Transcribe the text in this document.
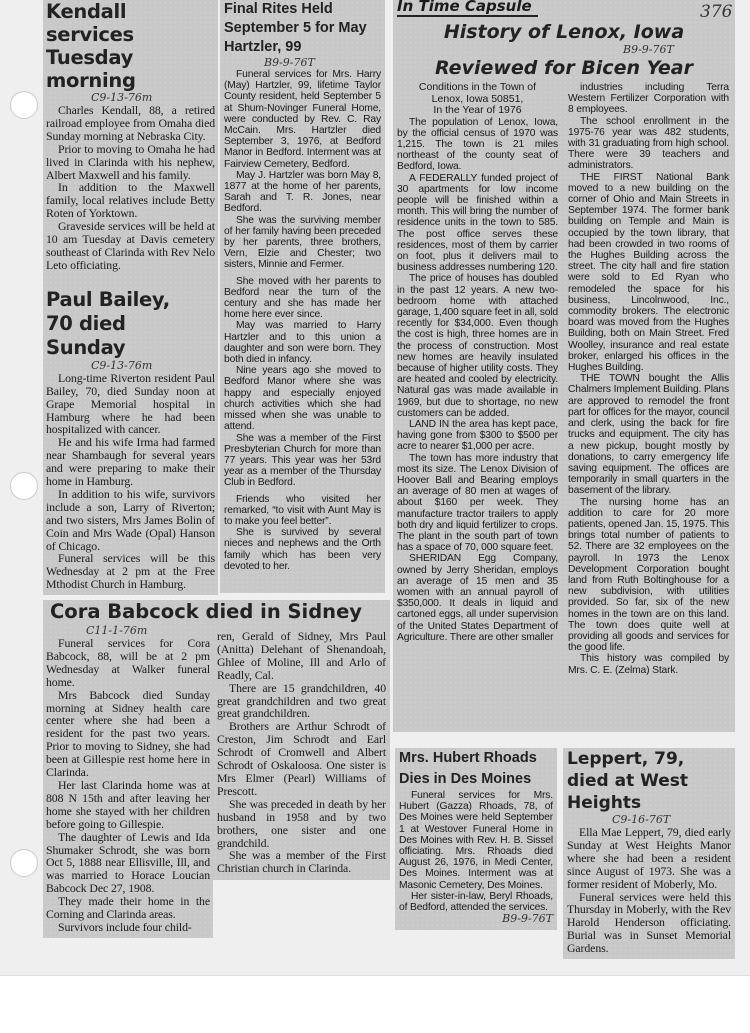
376
Kendall services Tuesday morning
C9-13-76m

Charles Kendall, 88, a retired railroad employee from Omaha died Sunday morning at Nebraska City.

Prior to moving to Omaha he had lived in Clarinda with his nephew, Albert Maxwell and his family.

In addition to the Maxwell family, local relatives include Betty Roten of Yorktown.

Graveside services will be held at 10 am Tuesday at Davis cemetery southeast of Clarinda with Rev Nelo Leto officiating.

Paul Bailey, 70 died Sunday
C9-13-76m

Long-time Riverton resident Paul Bailey, 70, died Sunday noon at Grape Memorial hospital in Hamburg where he had been hospitalized with cancer.

He and his wife Irma had farmed near Shambaugh for several years and were preparing to make their home in Hamburg.

In addition to his wife, survivors include a son, Larry of Riverton; and two sisters, Mrs James Bolin of Coin and Mrs Wade (Opal) Hanson of Chicago.

Funeral services will be this Wednesday at 2 pm at the Free Mthodist Church in Hamburg.

Final Rites Held September 5 for May Hartzler, 99
B9-9-76T

Funeral services for Mrs. Harry (May) Hartzler, 99, lifetime Taylor County resident, held September 5 at Shum-Novinger Funeral Home, were conducted by Rev. C. Ray McCain. Mrs. Hartzler died September 3, 1976, at Bedford Manor in Bedford. Interment was at Fairview Cemetery, Bedford.

May J. Hartzler was born May 8, 1877 at the home of her parents, Sarah and T. R. Jones, near Bedford.

She was the surviving member of her family having been preceded by her parents, three brothers, Vern, Elzie and Chester; two sisters, Minnie and Fermer.

She moved with her parents to Bedford near the turn of the century and she has made her home here ever since.

May was married to Harry Hartzler and to this union a daughter and son were born. They both died in infancy.

Nine years ago she moved to Bedford Manor where she was happy and especially enjoyed church activities which she had missed when she was unable to attend.

She was a member of the First Presbyterian Church for more than 77 years. This year was her 53rd year as a member of the Thursday Club in Bedford.

Friends who visited her remarked, “to visit with Aunt May is to make you feel better”.

She is survived by several nieces and nephews and the Orth family which has been very devoted to her.

In Time Capsule
History of Lenox, Iowa
Reviewed for Bicen Year
B9-9-76T
Conditions in the Town of
Lenox, Iowa 50851,
In the Year of 1976

The population of Lenox, Iowa, by the official census of 1970 was 1,215. The town is 21 miles northeast of the county seat of Bedford, Iowa.

A FEDERALLY funded project of 30 apartments for low income people will be finished within a month. This will bring the number of residence units in the town to 585. The post office serves these residences, most of them by carrier on foot, plus it delivers mail to business addresses numbering 120.

The price of houses has doubled in the past 12 years. A new two-bedroom home with attached garage, 1,400 square feet in all, sold recently for $34,000. Even though the cost is high, three homes are in the process of construction. Most new homes are heavily insulated because of higher utility costs. They are heated and cooled by electricity. Natural gas was made available in 1969, but due to shortage, no new customers can be added.

LAND IN the area has kept pace, having gone from $300 to $500 per acre to nearer $1,000 per acre.

The town has more industry that most its size. The Lenox Division of Hoover Ball and Bearing employs an average of 80 men at wages of about $160 per week. They manufacture tractor trailers to apply both dry and liquid fertilizer to crops. The plant in the south part of town has a space of 70, 000 square feet.

SHERIDAN Egg Company, owned by Jerry Sheridan, employs an average of 15 men and 35 women with an annual payroll of $350,000. It deals in liquid and cartoned eggs, all under supervision of the United States Department of Agriculture. There are other smaller

industries including Terra Western Fertilizer Corporation with 8 employees.

The school enrollment in the 1975-76 year was 482 students, with 31 graduating from high school. There were 39 teachers and administrators.

THE FIRST National Bank moved to a new building on the corner of Ohio and Main Streets in September 1974. The former bank building on Temple and Main is occupied by the town library, that had been crowded in two rooms of the Hughes Building across the street. The city hall and fire station were sold to Ed Ryan who remodeled the space for his business, Lincolnwood, Inc., commodity brokers. The electronic board was moved from the Hughes Building, both on Main Street. Fred Woolley, insurance and real estate broker, enlarged his offices in the Hughes Building.

THE TOWN bought the Allis Chalmers Implement Building. Plans are approved to remodel the front part for offices for the mayor, council and clerk, using the back for fire trucks and equipment. The city has a new pickup, bought mostly by donations, to carry emergency life saving equipment. The offices are temporarily in small quarters in the basement of the library.

The nursing home has an addition to care for 20 more patients, opened Jan. 15, 1975. This brings total number of patients to 52. There are 32 employees on the payroll. In 1973 the Lenox Development Corporation bought land from Ruth Boltinghouse for a new subdivision, with utilities provided. So far, six of the new homes in the town are on this land. The town does quite well at providing all goods and services for the good life.

This history was compiled by Mrs. C. E. (Zelma) Stark.

C11-1-76m

Funeral services for Cora Babcock, 88, will be at 2 pm Wednesday at Walker funeral home.

Mrs Babcock died Sunday morning at Sidney health care center where she had been a resident for the past two years. Prior to moving to Sidney, she had been at Gillespie rest home here in Clarinda.

Her last Clarinda home was at 808 N 15th and after leaving her home she stayed with her children before going to Gillespie.

The daughter of Lewis and Ida Shumaker Schrodt, she was born Oct 5, 1888 near Ellisville, Ill, and was married to Horace Loucian Babcock Dec 27, 1908.

They made their home in the Corning and Clarinda areas.

Survivors include four child-

ren, Gerald of Sidney, Mrs Paul (Anitta) Delehant of Shenandoah, Ghlee of Moline, Ill and Arlo of Readly, Cal.

There are 15 grandchildren, 40 great grandchildren and two great great grandchildren.

Brothers are Arthur Schrodt of Creston, Jim Schrodt and Earl Schrodt of Cromwell and Albert Schrodt of Oskaloosa. One sister is Mrs Elmer (Pearl) Williams of Prescott.

She was preceded in death by her husband in 1958 and by two brothers, one sister and one grandchild.

She was a member of the First Christian church in Clarinda.

Cora Babcock died in Sidney
Mrs. Hubert Rhoads Dies in Des Moines

Funeral services for Mrs. Hubert (Gazza) Rhoads, 78, of Des Moines were held September 1 at Westover Funeral Home in Des Moines with Rev. H. B. Sissel officiating. Mrs. Rhoads died August 26, 1976, in Medi Center, Des Moines. Interment was at Masonic Cemetery, Des Moines.

Her sister-in-law, Beryl Rhoads, of Bedford, attended the services.

B9-9-76T
Leppert, 79, died at West Heights
C9-16-76T

Ella Mae Leppert, 79, died early Sunday at West Heights Manor where she had been a resident since August of 1973. She was a former resident of Moberly, Mo.

Funeral services were held this Thursday in Moberly, with the Rev Harold Henderson officiating. Burial was in Sunset Memorial Gardens.
